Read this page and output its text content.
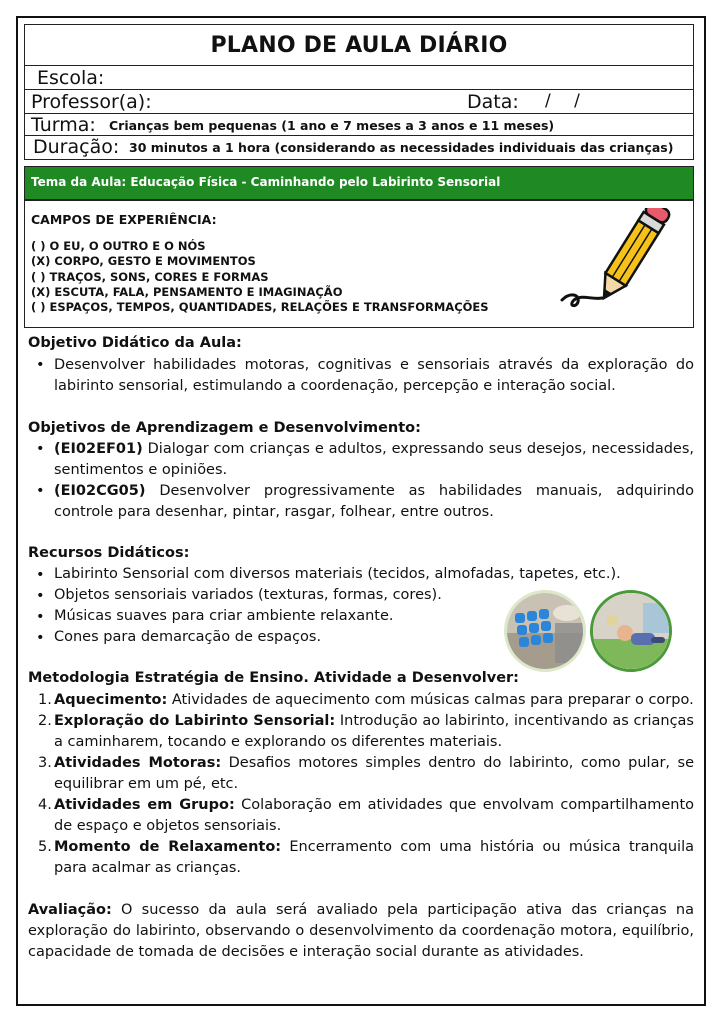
PLANO DE AULA DIÁRIO
Escola:
Professor(a):	Data: / /
Turma: Crianças bem pequenas (1 ano e 7 meses a 3 anos e 11 meses)
Duração: 30 minutos a 1 hora (considerando as necessidades individuais das crianças)
Tema da Aula: Educação Física - Caminhando pelo Labirinto Sensorial
CAMPOS DE EXPERIÊNCIA:
( ) O EU, O OUTRO E O NÓS
(X) CORPO, GESTO E MOVIMENTOS
( ) TRAÇOS, SONS, CORES E FORMAS
(X) ESCUTA, FALA, PENSAMENTO E IMAGINAÇÃO
( ) ESPAÇOS, TEMPOS, QUANTIDADES, RELAÇÕES E TRANSFORMAÇÕES
Objetivo Didático da Aula:
• Desenvolver habilidades motoras, cognitivas e sensoriais através da exploração do labirinto sensorial, estimulando a coordenação, percepção e interação social.
Objetivos de Aprendizagem e Desenvolvimento:
• (EI02EF01) Dialogar com crianças e adultos, expressando seus desejos, necessidades, sentimentos e opiniões.
• (EI02CG05) Desenvolver progressivamente as habilidades manuais, adquirindo controle para desenhar, pintar, rasgar, folhear, entre outros.
Recursos Didáticos:
• Labirinto Sensorial com diversos materiais (tecidos, almofadas, tapetes, etc.).
• Objetos sensoriais variados (texturas, formas, cores).
• Músicas suaves para criar ambiente relaxante.
• Cones para demarcação de espaços.
Metodologia Estratégia de Ensino. Atividade a Desenvolver:
1. Aquecimento: Atividades de aquecimento com músicas calmas para preparar o corpo.
2. Exploração do Labirinto Sensorial: Introdução ao labirinto, incentivando as crianças a caminharem, tocando e explorando os diferentes materiais.
3. Atividades Motoras: Desafios motores simples dentro do labirinto, como pular, se equilibrar em um pé, etc.
4. Atividades em Grupo: Colaboração em atividades que envolvam compartilhamento de espaço e objetos sensoriais.
5. Momento de Relaxamento: Encerramento com uma história ou música tranquila para acalmar as crianças.
Avaliação: O sucesso da aula será avaliado pela participação ativa das crianças na exploração do labirinto, observando o desenvolvimento da coordenação motora, equilíbrio, capacidade de tomada de decisões e interação social durante as atividades.
